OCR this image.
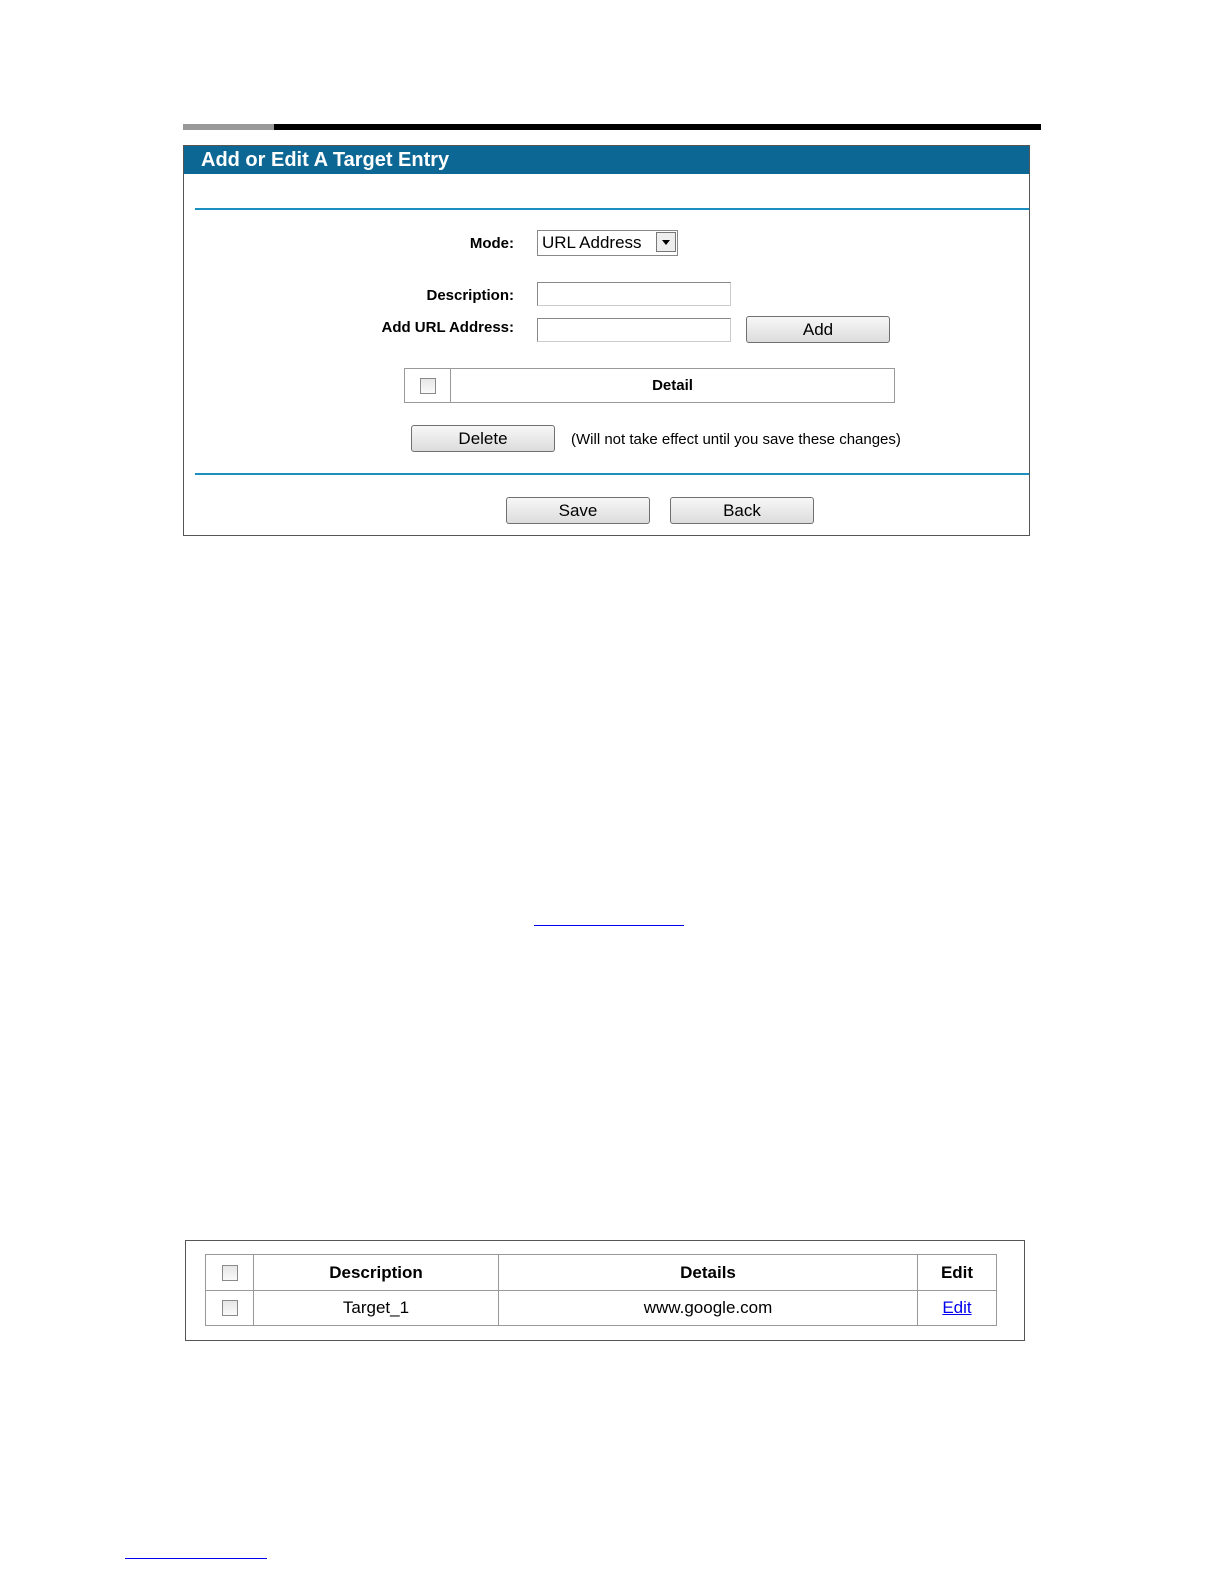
Add or Edit A Target Entry
Mode: URL Address
Description:
Add URL Address:	Add
	Detail
Delete	(Will not take effect until you save these changes)
Save	Back
	Description	Details	Edit

	Target_1	www.google.com	Edit
